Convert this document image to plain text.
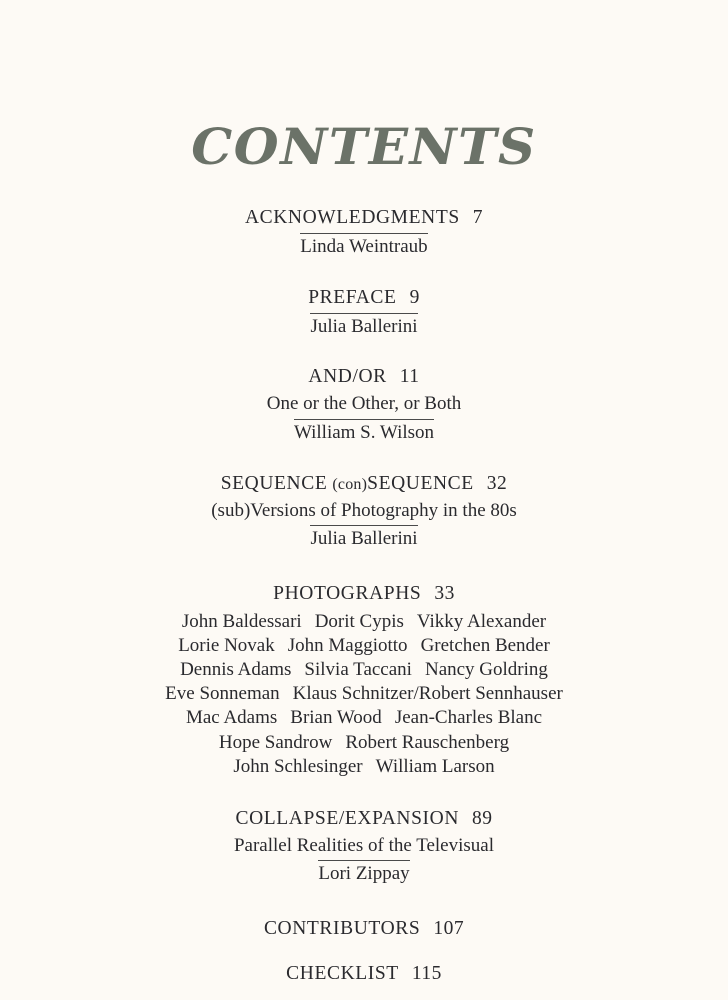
CONTENTS
ACKNOWLEDGMENTS 7
Linda Weintraub
PREFACE 9
Julia Ballerini
AND/OR 11
One or the Other, or Both
William S. Wilson
SEQUENCE (con)SEQUENCE 32
(sub)Versions of Photography in the 80s
Julia Ballerini
PHOTOGRAPHS 33
John Baldessari Dorit Cypis Vikky Alexander
Lorie Novak John Maggiotto Gretchen Bender
Dennis Adams Silvia Taccani Nancy Goldring
Eve Sonneman Klaus Schnitzer/Robert Sennhauser
Mac Adams Brian Wood Jean-Charles Blanc
Hope Sandrow Robert Rauschenberg
John Schlesinger William Larson
COLLAPSE/EXPANSION 89
Parallel Realities of the Televisual
Lori Zippay
CONTRIBUTORS 107
CHECKLIST 115
